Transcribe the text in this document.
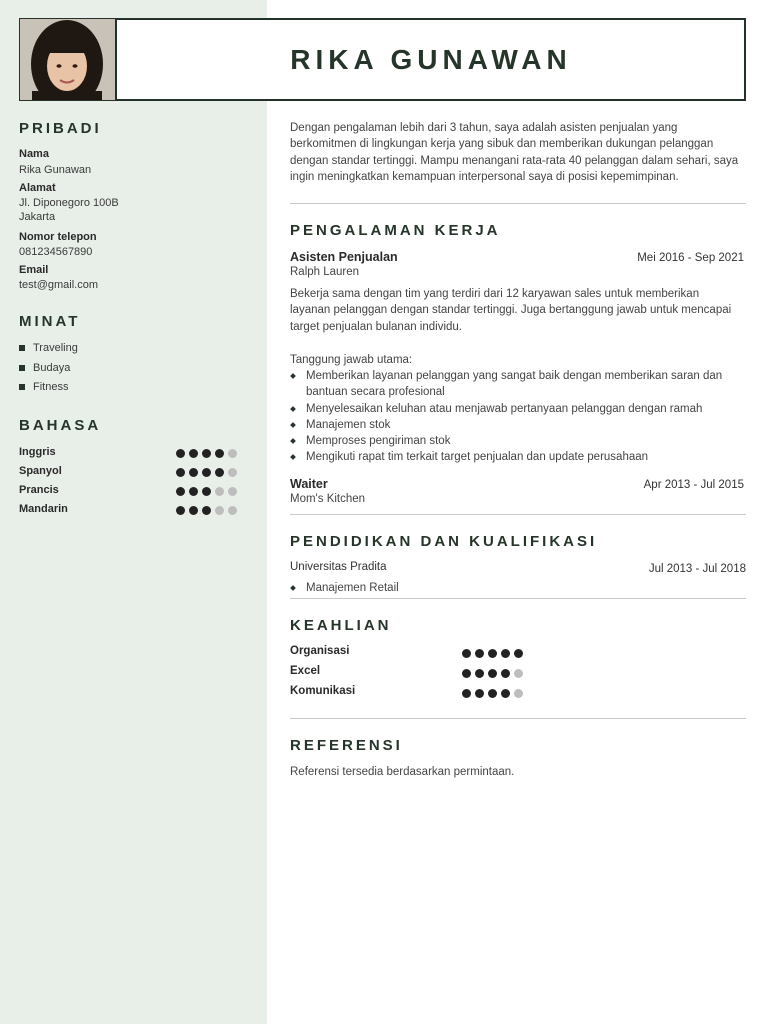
RIKA GUNAWAN
PRIBADI
Nama
Rika Gunawan
Alamat
Jl. Diponegoro 100B
Jakarta
Nomor telepon
081234567890
Email
test@gmail.com
MINAT
Traveling
Budaya
Fitness
BAHASA
Inggris
Spanyol
Prancis
Mandarin

Dengan pengalaman lebih dari 3 tahun, saya adalah asisten penjualan yang berkomitmen di lingkungan kerja yang sibuk dan memberikan dukungan pelanggan dengan standar tertinggi. Mampu menangani rata-rata 40 pelanggan dalam sehari, saya ingin meningkatkan kemampuan interpersonal saya di posisi kepemimpinan.

PENGALAMAN KERJA
Asisten Penjualan	Mei 2016 - Sep 2021
Ralph Lauren

Bekerja sama dengan tim yang terdiri dari 12 karyawan sales untuk memberikan layanan pelanggan dengan standar tertinggi. Juga bertanggung jawab untuk mencapai target penjualan bulanan individu.

Tanggung jawab utama:

Memberikan layanan pelanggan yang sangat baik dengan memberikan saran dan bantuan secara profesional
Menyelesaikan keluhan atau menjawab pertanyaan pelanggan dengan ramah
Manajemen stok
Memproses pengiriman stok
Mengikuti rapat tim terkait target penjualan dan update perusahaan
Waiter	Apr 2013 - Jul 2015
Mom's Kitchen
PENDIDIKAN DAN KUALIFIKASI
Universitas Pradita	Jul 2013 - Jul 2018
Manajemen Retail
KEAHLIAN
Organisasi
Excel
Komunikasi
REFERENSI

Referensi tersedia berdasarkan permintaan.
